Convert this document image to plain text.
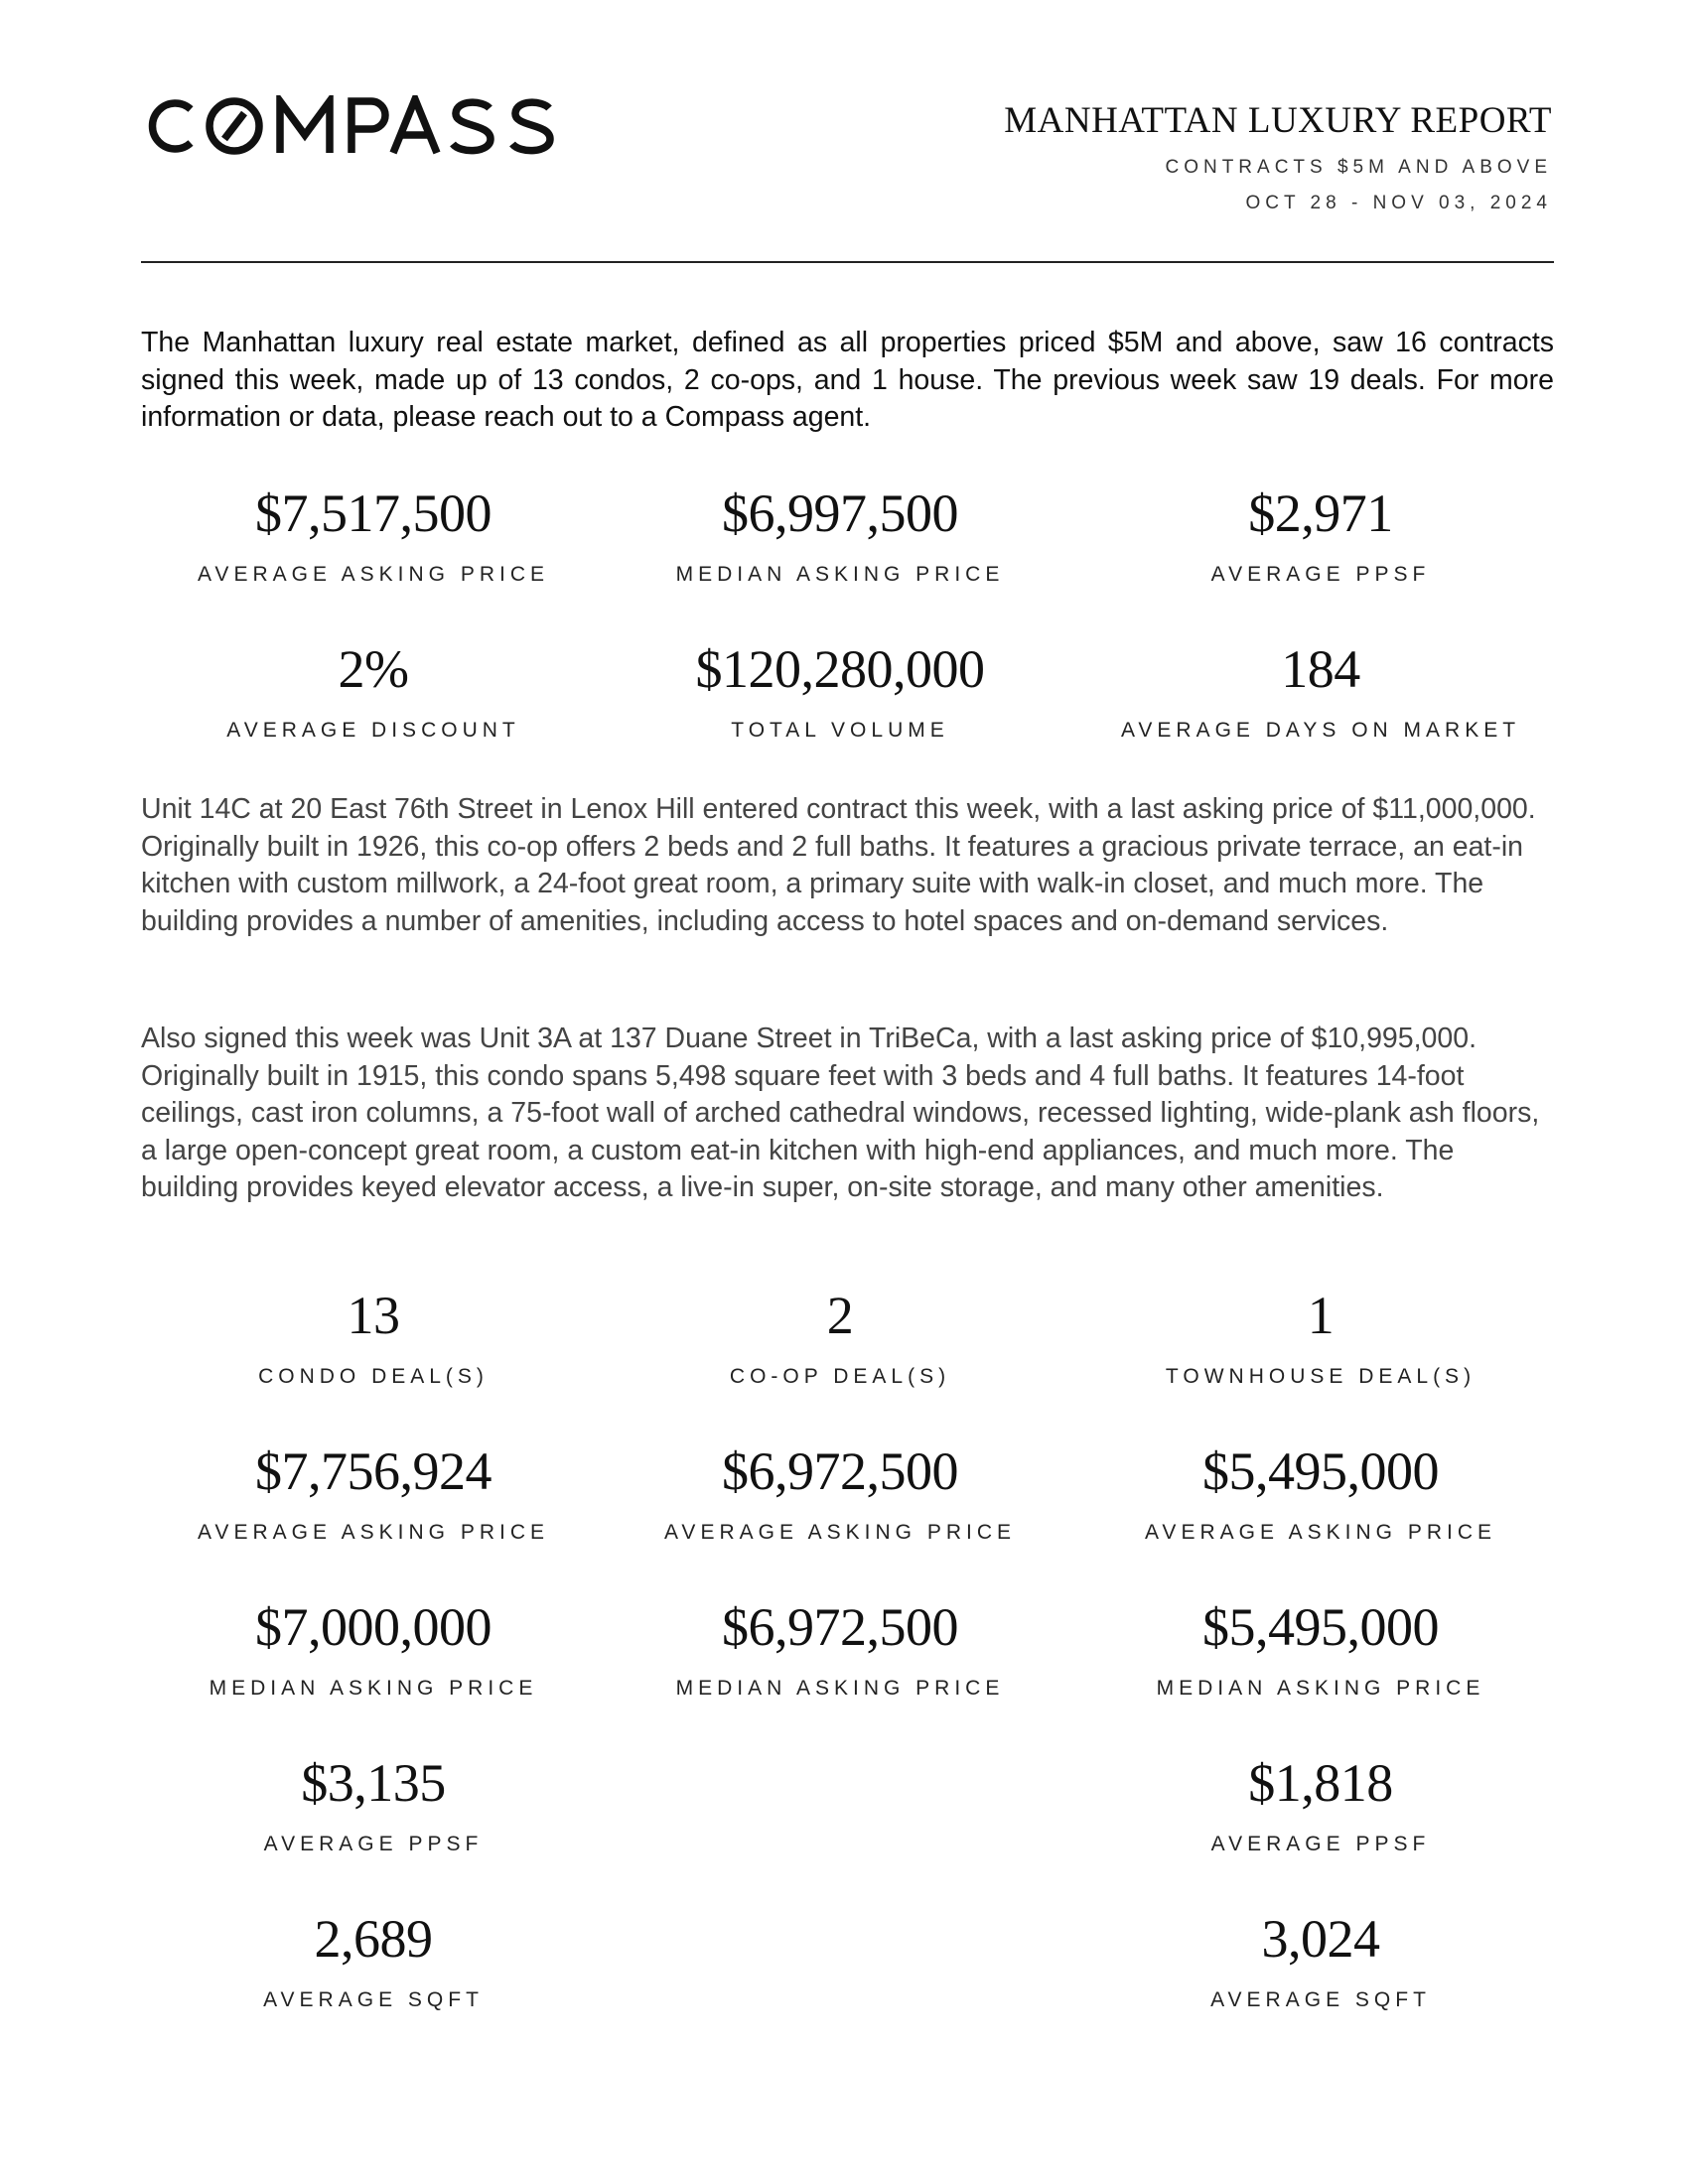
MANHATTAN LUXURY REPORT
CONTRACTS $5M AND ABOVE
OCT 28 - NOV 03, 2024

The Manhattan luxury real estate market, defined as all properties priced $5M and above, saw 16 contracts signed this week, made up of 13 condos, 2 co-ops, and 1 house. The previous week saw 19 deals. For more information or data, please reach out to a Compass agent.

$7,517,500
AVERAGE ASKING PRICE
$6,997,500
MEDIAN ASKING PRICE
$2,971
AVERAGE PPSF
2%
AVERAGE DISCOUNT
$120,280,000
TOTAL VOLUME
184
AVERAGE DAYS ON MARKET

Unit 14C at 20 East 76th Street in Lenox Hill entered contract this week, with a last asking price of $11,000,000. Originally built in 1926, this co-op offers 2 beds and 2 full baths. It features a gracious private terrace, an eat-in kitchen with custom millwork, a 24-foot great room, a primary suite with walk-in closet, and much more. The building provides a number of amenities, including access to hotel spaces and on-demand services.

Also signed this week was Unit 3A at 137 Duane Street in TriBeCa, with a last asking price of $10,995,000. Originally built in 1915, this condo spans 5,498 square feet with 3 beds and 4 full baths. It features 14-foot ceilings, cast iron columns, a 75-foot wall of arched cathedral windows, recessed lighting, wide-plank ash floors, a large open-concept great room, a custom eat-in kitchen with high-end appliances, and much more. The building provides keyed elevator access, a live-in super, on-site storage, and many other amenities.

13
CONDO DEAL(S)
$7,756,924
AVERAGE ASKING PRICE
$7,000,000
MEDIAN ASKING PRICE
$3,135
AVERAGE PPSF
2,689
AVERAGE SQFT
2
CO-OP DEAL(S)
$6,972,500
AVERAGE ASKING PRICE
$6,972,500
MEDIAN ASKING PRICE
1
TOWNHOUSE DEAL(S)
$5,495,000
AVERAGE ASKING PRICE
$5,495,000
MEDIAN ASKING PRICE
$1,818
AVERAGE PPSF
3,024
AVERAGE SQFT
